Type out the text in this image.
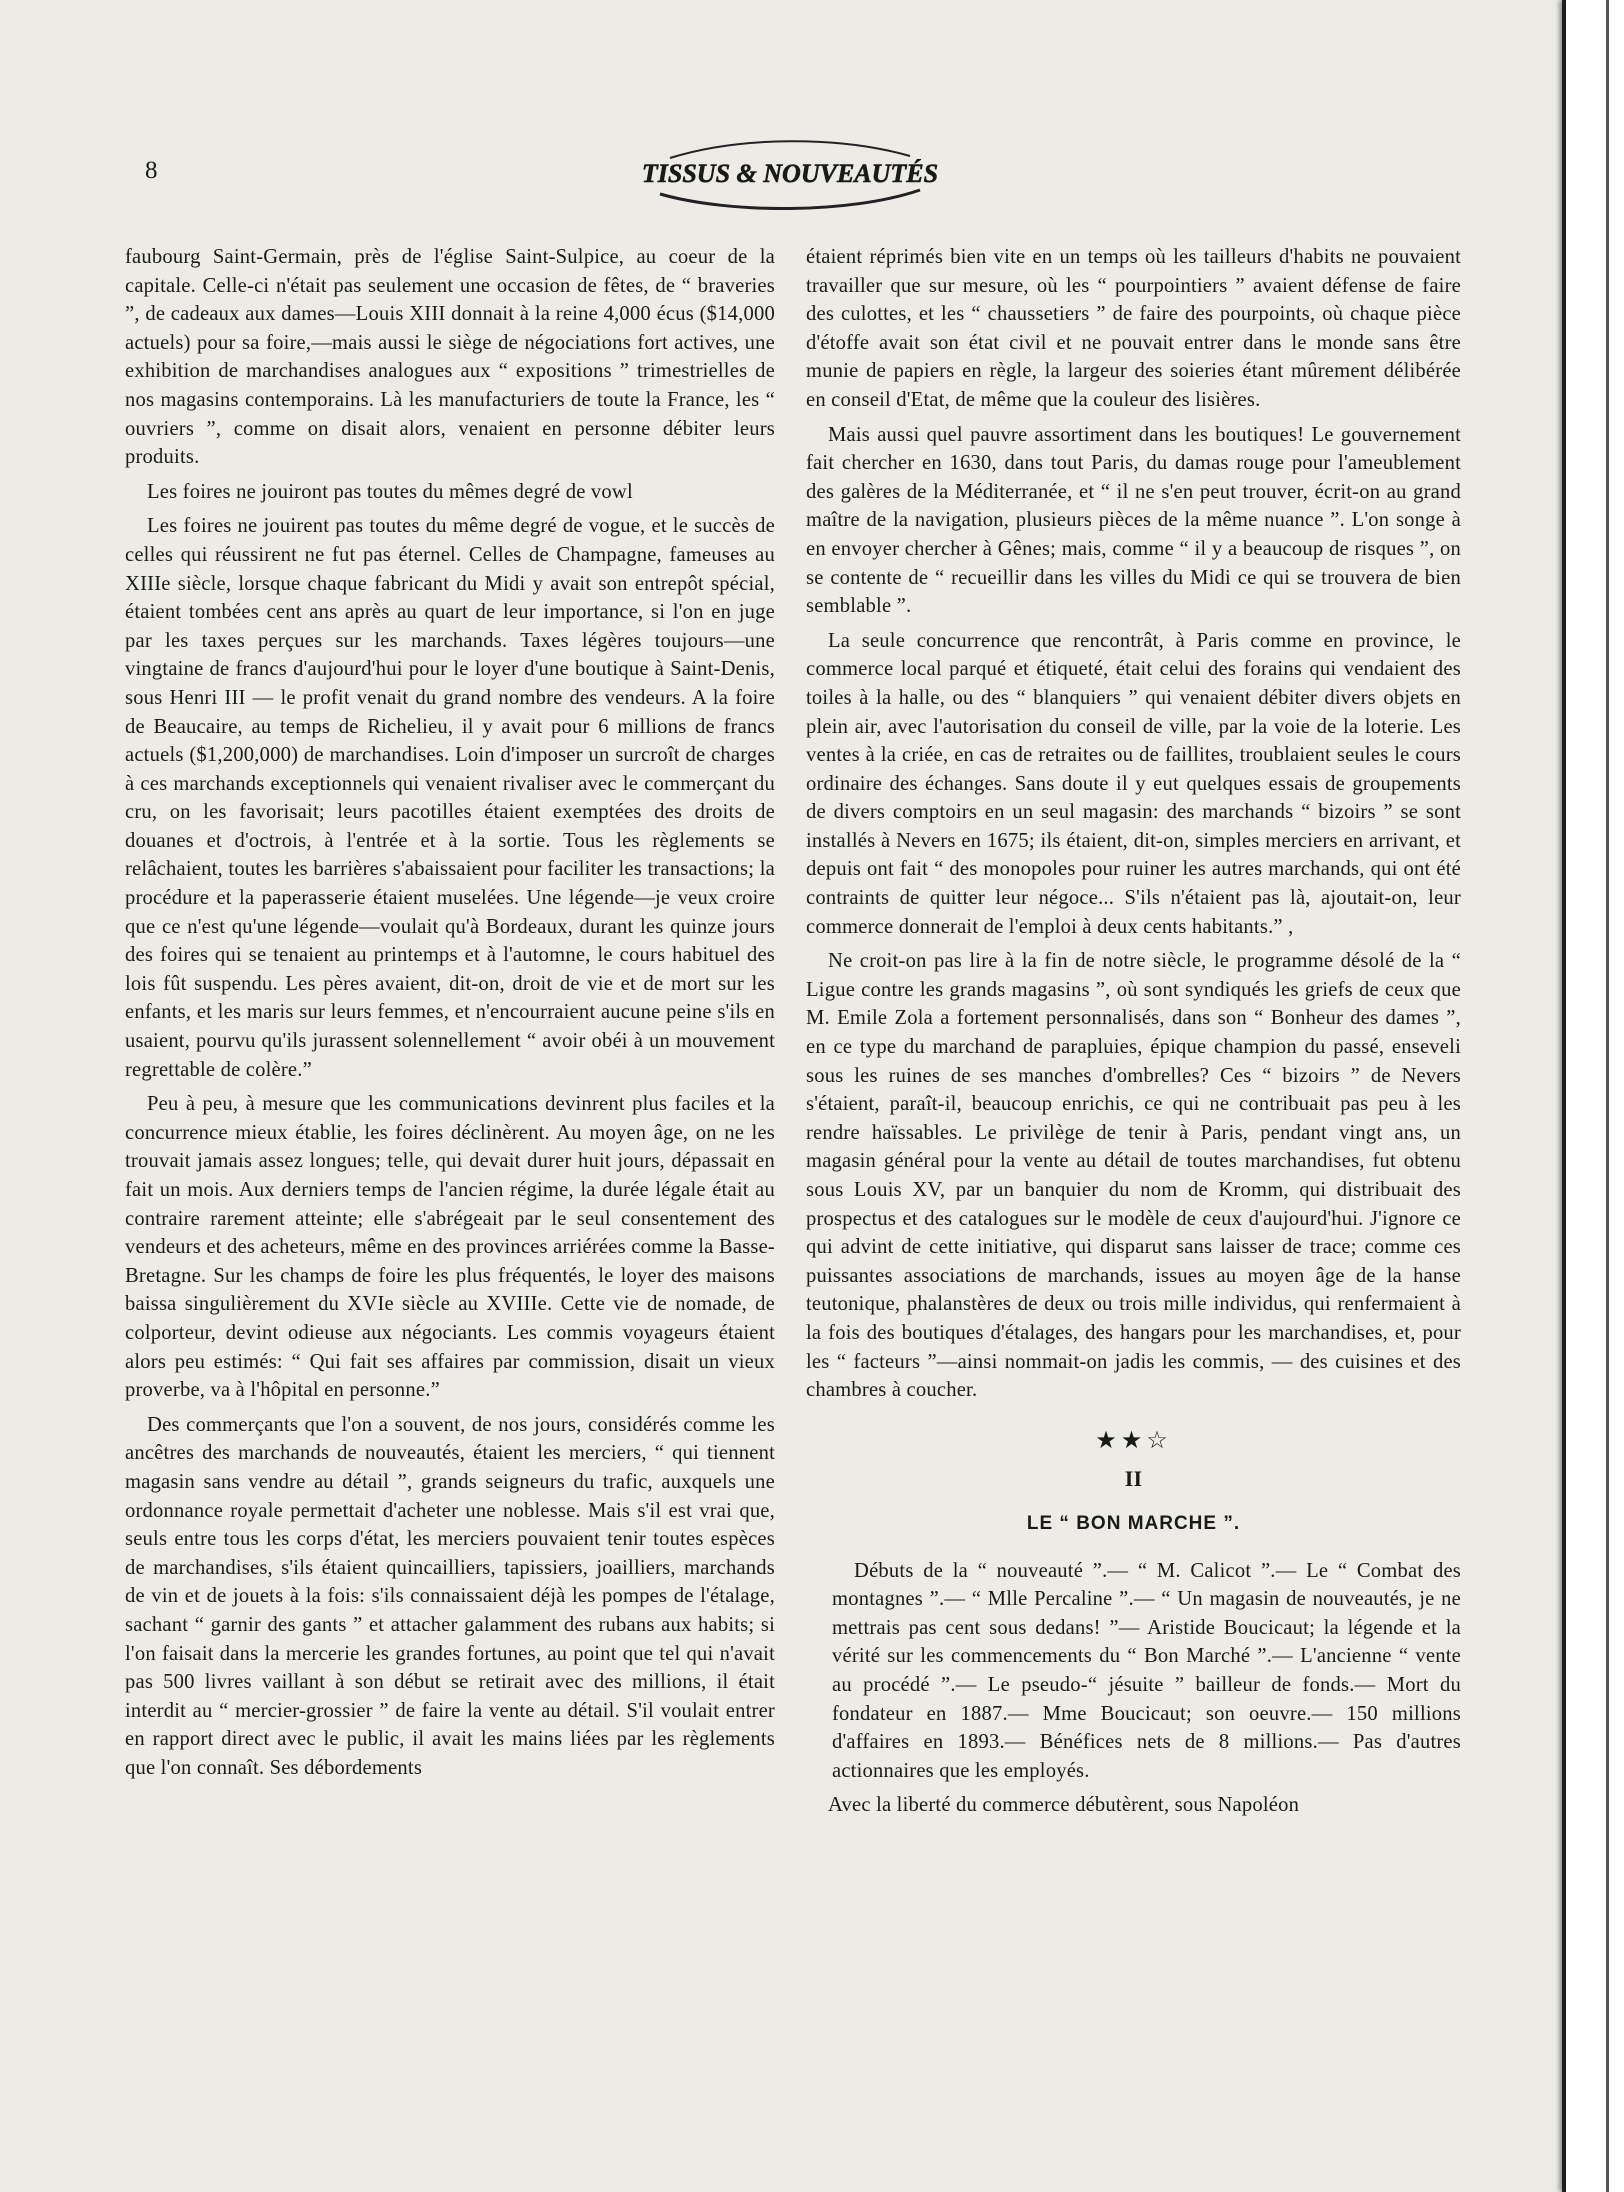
8	TISSUS & NOUVEAUTÉS

faubourg Saint-Germain, près de l'église Saint-Sulpice, au coeur de la capitale. Celle-ci n'était pas seulement une occasion de fêtes, de “ braveries ”, de cadeaux aux dames—Louis XIII donnait à la reine 4,000 écus ($14,000 actuels) pour sa foire,—mais aussi le siège de négociations fort actives, une exhibition de marchandises analogues aux “ expositions ” trimestrielles de nos magasins contemporains. Là les manufacturiers de toute la France, les “ ouvriers ”, comme on disait alors, venaient en personne débiter leurs produits.

Les foires ne jouiront pas toutes du mêmes degré de vowl

Les foires ne jouirent pas toutes du même degré de vogue, et le succès de celles qui réussirent ne fut pas éternel. Celles de Champagne, fameuses au XIIIe siècle, lorsque chaque fabricant du Midi y avait son entrepôt spécial, étaient tombées cent ans après au quart de leur importance, si l'on en juge par les taxes perçues sur les marchands. Taxes légères toujours—une vingtaine de francs d'aujourd'hui pour le loyer d'une boutique à Saint-Denis, sous Henri III — le profit venait du grand nombre des vendeurs. A la foire de Beaucaire, au temps de Richelieu, il y avait pour 6 millions de francs actuels ($1,200,000) de marchandises. Loin d'imposer un surcroît de charges à ces marchands exceptionnels qui venaient rivaliser avec le commerçant du cru, on les favorisait; leurs pacotilles étaient exemptées des droits de douanes et d'octrois, à l'entrée et à la sortie. Tous les règlements se relâchaient, toutes les barrières s'abaissaient pour faciliter les transactions; la procédure et la paperasserie étaient muselées. Une légende—je veux croire que ce n'est qu'une légende—voulait qu'à Bordeaux, durant les quinze jours des foires qui se tenaient au printemps et à l'automne, le cours habituel des lois fût suspendu. Les pères avaient, dit-on, droit de vie et de mort sur les enfants, et les maris sur leurs femmes, et n'encourraient aucune peine s'ils en usaient, pourvu qu'ils jurassent solennellement “ avoir obéi à un mouvement regrettable de colère.”

Peu à peu, à mesure que les communications devinrent plus faciles et la concurrence mieux établie, les foires déclinèrent. Au moyen âge, on ne les trouvait jamais assez longues; telle, qui devait durer huit jours, dépassait en fait un mois. Aux derniers temps de l'ancien régime, la durée légale était au contraire rarement atteinte; elle s'abrégeait par le seul consentement des vendeurs et des acheteurs, même en des provinces arriérées comme la Basse-Bretagne. Sur les champs de foire les plus fréquentés, le loyer des maisons baissa singulièrement du XVIe siècle au XVIIIe. Cette vie de nomade, de colporteur, devint odieuse aux négociants. Les commis voyageurs étaient alors peu estimés: “ Qui fait ses affaires par commission, disait un vieux proverbe, va à l'hôpital en personne.”

Des commerçants que l'on a souvent, de nos jours, considérés comme les ancêtres des marchands de nouveautés, étaient les merciers, “ qui tiennent magasin sans vendre au détail ”, grands seigneurs du trafic, auxquels une ordonnance royale permettait d'acheter une noblesse. Mais s'il est vrai que, seuls entre tous les corps d'état, les merciers pouvaient tenir toutes espèces de marchandises, s'ils étaient quincailliers, tapissiers, joailliers, marchands de vin et de jouets à la fois: s'ils connaissaient déjà les pompes de l'étalage, sachant “ garnir des gants ” et attacher galamment des rubans aux habits; si l'on faisait dans la mercerie les grandes fortunes, au point que tel qui n'avait pas 500 livres vaillant à son début se retirait avec des millions, il était interdit au “ mercier-grossier ” de faire la vente au détail. S'il voulait entrer en rapport direct avec le public, il avait les mains liées par les règlements que l'on connaît. Ses débordements

étaient réprimés bien vite en un temps où les tailleurs d'habits ne pouvaient travailler que sur mesure, où les “ pourpointiers ” avaient défense de faire des culottes, et les “ chaussetiers ” de faire des pourpoints, où chaque pièce d'étoffe avait son état civil et ne pouvait entrer dans le monde sans être munie de papiers en règle, la largeur des soieries étant mûrement délibérée en conseil d'Etat, de même que la couleur des lisières.

Mais aussi quel pauvre assortiment dans les boutiques! Le gouvernement fait chercher en 1630, dans tout Paris, du damas rouge pour l'ameublement des galères de la Méditerranée, et “ il ne s'en peut trouver, écrit-on au grand maître de la navigation, plusieurs pièces de la même nuance ”. L'on songe à en envoyer chercher à Gênes; mais, comme “ il y a beaucoup de risques ”, on se contente de “ recueillir dans les villes du Midi ce qui se trouvera de bien semblable ”.

La seule concurrence que rencontrât, à Paris comme en province, le commerce local parqué et étiqueté, était celui des forains qui vendaient des toiles à la halle, ou des “ blanquiers ” qui venaient débiter divers objets en plein air, avec l'autorisation du conseil de ville, par la voie de la loterie. Les ventes à la criée, en cas de retraites ou de faillites, troublaient seules le cours ordinaire des échanges. Sans doute il y eut quelques essais de groupements de divers comptoirs en un seul magasin: des marchands “ bizoirs ” se sont installés à Nevers en 1675; ils étaient, dit-on, simples merciers en arrivant, et depuis ont fait “ des monopoles pour ruiner les autres marchands, qui ont été contraints de quitter leur négoce... S'ils n'étaient pas là, ajoutait-on, leur commerce donnerait de l'emploi à deux cents habitants.” ,

Ne croit-on pas lire à la fin de notre siècle, le programme désolé de la “ Ligue contre les grands magasins ”, où sont syndiqués les griefs de ceux que M. Emile Zola a fortement personnalisés, dans son “ Bonheur des dames ”, en ce type du marchand de parapluies, épique champion du passé, enseveli sous les ruines de ses manches d'ombrelles? Ces “ bizoirs ” de Nevers s'étaient, paraît-il, beaucoup enrichis, ce qui ne contribuait pas peu à les rendre haïssables. Le privilège de tenir à Paris, pendant vingt ans, un magasin général pour la vente au détail de toutes marchandises, fut obtenu sous Louis XV, par un banquier du nom de Kromm, qui distribuait des prospectus et des catalogues sur le modèle de ceux d'aujourd'hui. J'ignore ce qui advint de cette initiative, qui disparut sans laisser de trace; comme ces puissantes associations de marchands, issues au moyen âge de la hanse teutonique, phalanstères de deux ou trois mille individus, qui renfermaient à la fois des boutiques d'étalages, des hangars pour les marchandises, et, pour les “ facteurs ”—ainsi nommait-on jadis les commis, — des cuisines et des chambres à coucher.

★★☆
II
LE “ BON MARCHE ”.

Débuts de la “ nouveauté ”.— “ M. Calicot ”.— Le “ Combat des montagnes ”.— “ Mlle Percaline ”.— “ Un magasin de nouveautés, je ne mettrais pas cent sous dedans! ”— Aristide Boucicaut; la légende et la vérité sur les commencements du “ Bon Marché ”.— L'ancienne “ vente au procédé ”.— Le pseudo-“ jésuite ” bailleur de fonds.— Mort du fondateur en 1887.— Mme Boucicaut; son oeuvre.— 150 millions d'affaires en 1893.— Bénéfices nets de 8 millions.— Pas d'autres actionnaires que les employés.

Avec la liberté du commerce débutèrent, sous Napoléon
